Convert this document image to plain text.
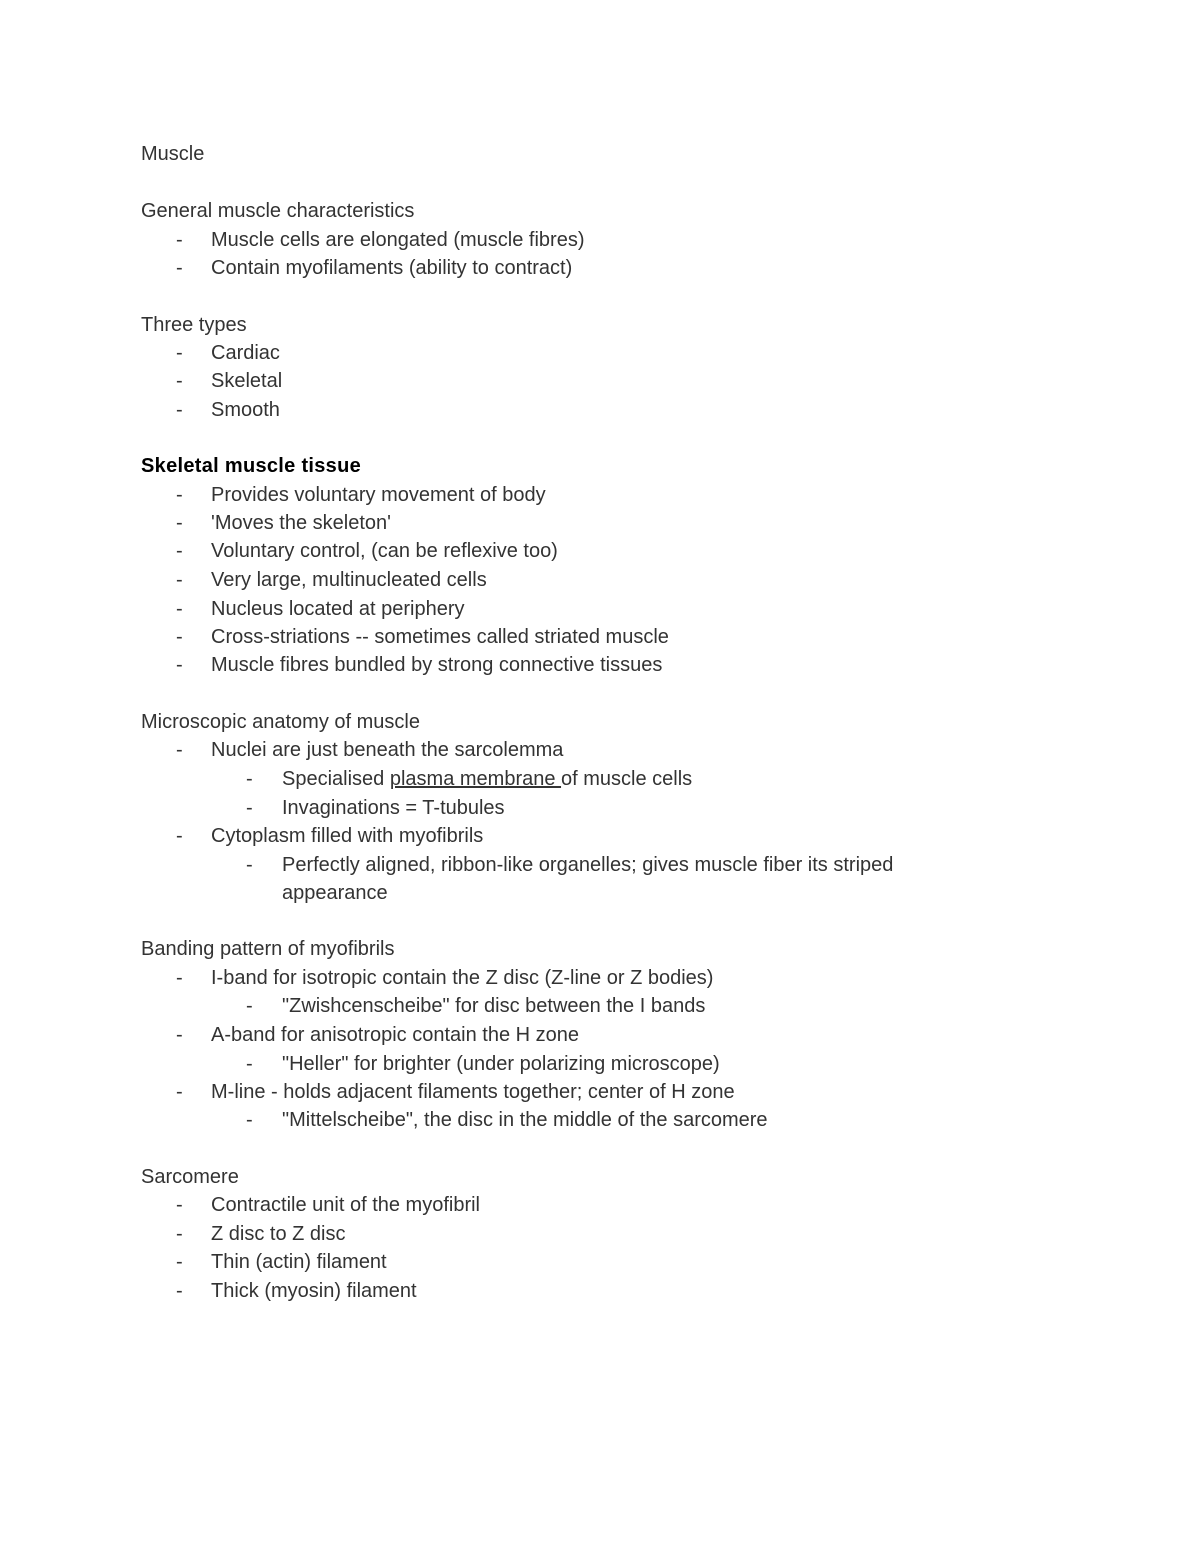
Muscle
General muscle characteristics
- Muscle cells are elongated (muscle fibres)
- Contain myofilaments (ability to contract)
Three types
- Cardiac
- Skeletal
- Smooth
Skeletal muscle tissue
- Provides voluntary movement of body
- 'Moves the skeleton'
- Voluntary control, (can be reflexive too)
- Very large, multinucleated cells
- Nucleus located at periphery
- Cross-striations -- sometimes called striated muscle
- Muscle fibres bundled by strong connective tissues
Microscopic anatomy of muscle
- Nuclei are just beneath the sarcolemma
- Specialised plasma membrane of muscle cells
- Invaginations = T-tubules
- Cytoplasm filled with myofibrils
- Perfectly aligned, ribbon-like organelles; gives muscle fiber its striped
appearance
Banding pattern of myofibrils
- I-band for isotropic contain the Z disc (Z-line or Z bodies)
- "Zwishcenscheibe" for disc between the I bands
- A-band for anisotropic contain the H zone
- "Heller" for brighter (under polarizing microscope)
- M-line - holds adjacent filaments together; center of H zone
- "Mittelscheibe", the disc in the middle of the sarcomere
Sarcomere
- Contractile unit of the myofibril
- Z disc to Z disc
- Thin (actin) filament
- Thick (myosin) filament
